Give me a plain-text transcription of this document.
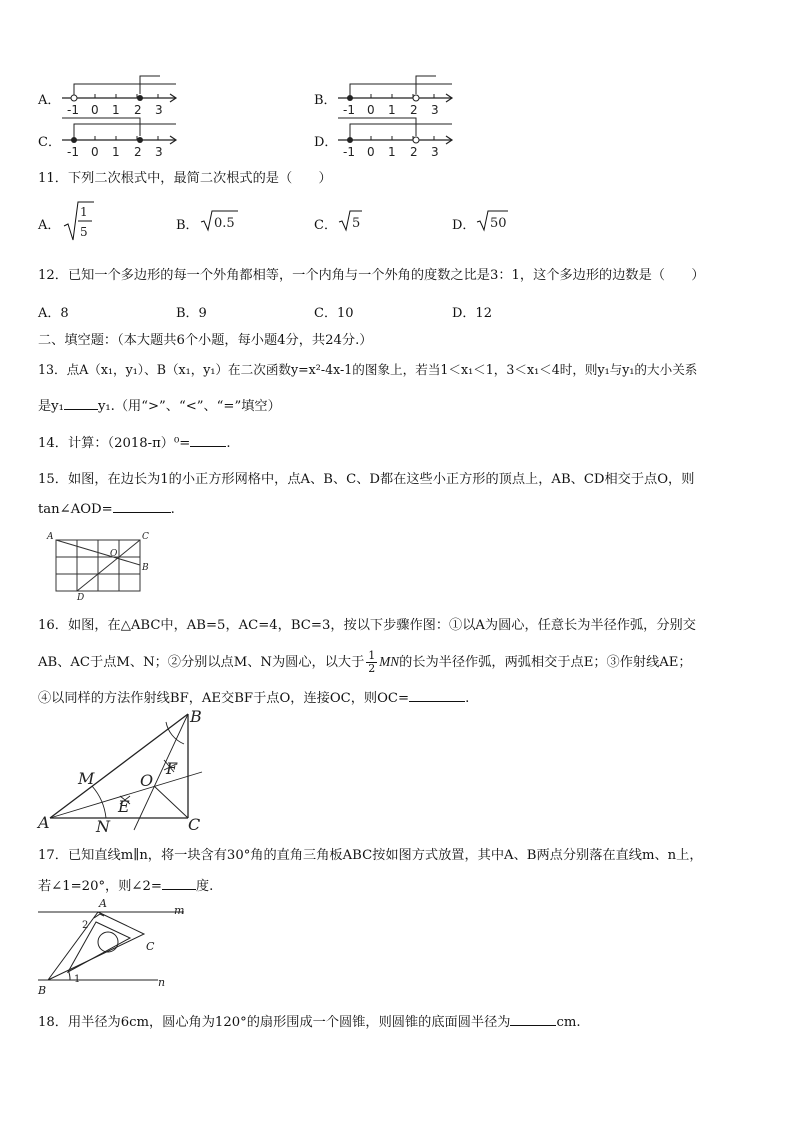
A．	B．
C．	D．
-1 0 1 2 3	-1 0 1 2 3
-1 0 1 2 3	-1 0 1 2 3
11．下列二次根式中，最简二次根式的是（　　）
A．
1
5	B． 0.5	C． 5	D． 50
12．已知一个多边形的每一个外角都相等，一个内角与一个外角的度数之比是3：1，这个多边形的边数是（　　）
A．8	B．9	C．10	D．12
二、填空题：（本大题共6个小题，每小题4分，共24分.）
13．点A（x₁，y₁）、B（x₁，y₁）在二次函数y=x²-4x-1的图象上，若当1＜x₁＜1，3＜x₁＜4时，则y₁与y₁的大小关系
是y₁	y₁.（用“>”、“<”、“=”填空）
14．计算：（2018-π）⁰=	.
15．如图，在边长为1的小正方形网格中，点A、B、C、D都在这些小正方形的顶点上，AB、CD相交于点O，则
tan∠AOD=	.
A	C
B
D
O
16．如图，在△ABC中，AB=5，AC=4，BC=3，按以下步骤作图：①以A为圆心，任意长为半径作弧，分别交
AB、AC于点M、N；②分别以点M、N为圆心，以大于 $\frac{1}{2}$ MN的长为半径作弧，两弧相交于点E；③作射线AE；
④以同样的方法作射线BF，AE交BF于点O，连接OC，则OC=	.
A
B
C
M
N
E
F
O
17．已知直线m∥n，将一块含有30°角的直角三角板ABC按如图方式放置，其中A、B两点分别落在直线m、n上，
若∠1=20°，则∠2=	度.
A
B
C
m
n
1
2
18．用半径为6cm，圆心角为120°的扇形围成一个圆锥，则圆锥的底面圆半径为	cm.
